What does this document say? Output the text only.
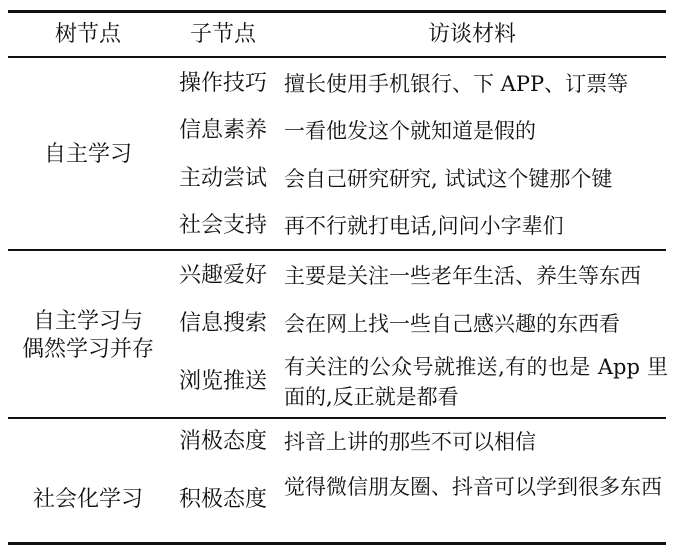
树节点	子节点	访谈材料
自主学习
操作技巧 擅长使用手机银行、下 APP、订票等
信息素养 一看他发这个就知道是假的
主动尝试 会自己研究研究, 试试这个键那个键
社会支持 再不行就打电话,问问小字辈们
自主学习与
偶然学习并存
兴趣爱好 主要是关注一些老年生活、养生等东西
信息搜索 会在网上找一些自己感兴趣的东西看
浏览推送
有关注的公众号就推送,有的也是 App 里面的,反正就是都看
社会化学习
消极态度 抖音上讲的那些不可以相信
积极态度 觉得微信朋友圈、抖音可以学到很多东西
